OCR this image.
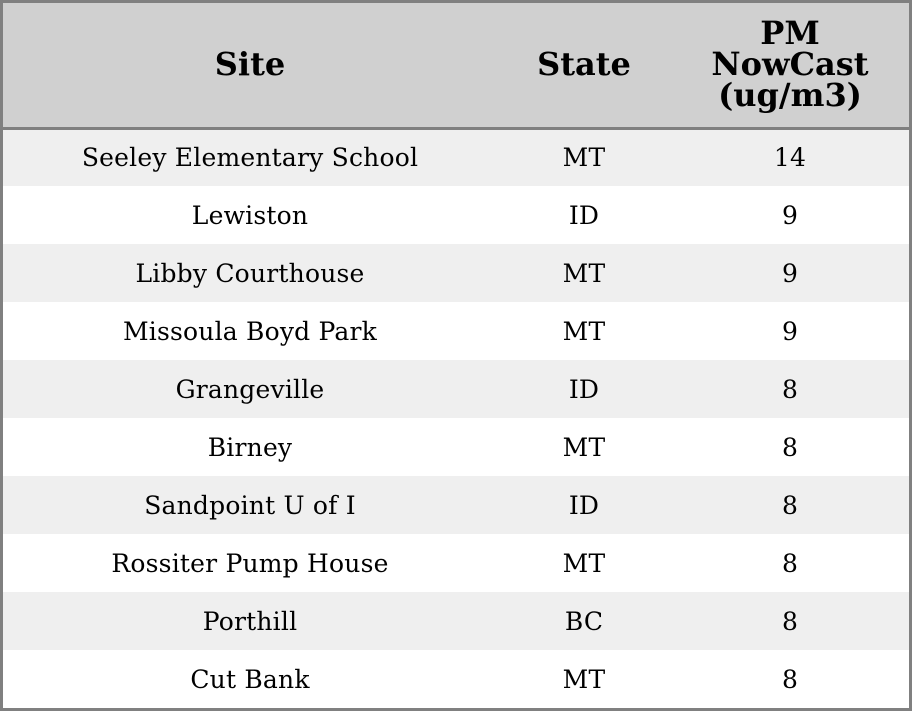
Site	State	PM
NowCast
(ug/m3)

Seeley Elementary School	MT	14
Lewiston	ID	9
Libby Courthouse	MT	9
Missoula Boyd Park	MT	9
Grangeville	ID	8
Birney	MT	8
Sandpoint U of I	ID	8
Rossiter Pump House	MT	8
Porthill	BC	8
Cut Bank	MT	8
